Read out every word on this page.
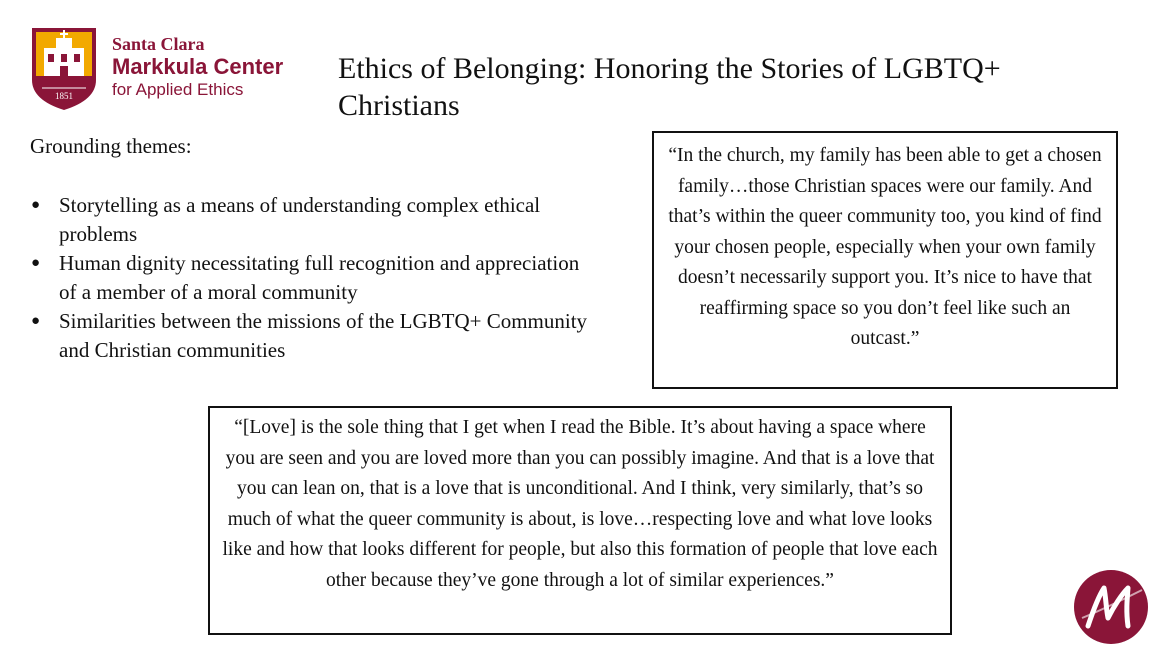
1851
Santa Clara
Markkula Center
for Applied Ethics
Ethics of Belonging: Honoring the Stories of LGBTQ+ Christians

Grounding themes:

● Storytelling as a means of understanding complex ethical problems
● Human dignity necessitating full recognition and appreciation of a member of a moral community
● Similarities between the missions of the LGBTQ+ Community and Christian communities

“In the church, my family has been able to get a chosen family…those Christian spaces were our family. And that’s within the queer community too, you kind of find your chosen people, especially when your own family doesn’t necessarily support you. It’s nice to have that reaffirming space so you don’t feel like such an outcast.”

“[Love] is the sole thing that I get when I read the Bible. It’s about having a space where you are seen and you are loved more than you can possibly imagine. And that is a love that you can lean on, that is a love that is unconditional. And I think, very similarly, that’s so much of what the queer community is about, is love…respecting love and what love looks like and how that looks different for people, but also this formation of people that love each other because they’ve gone through a lot of similar experiences.”
